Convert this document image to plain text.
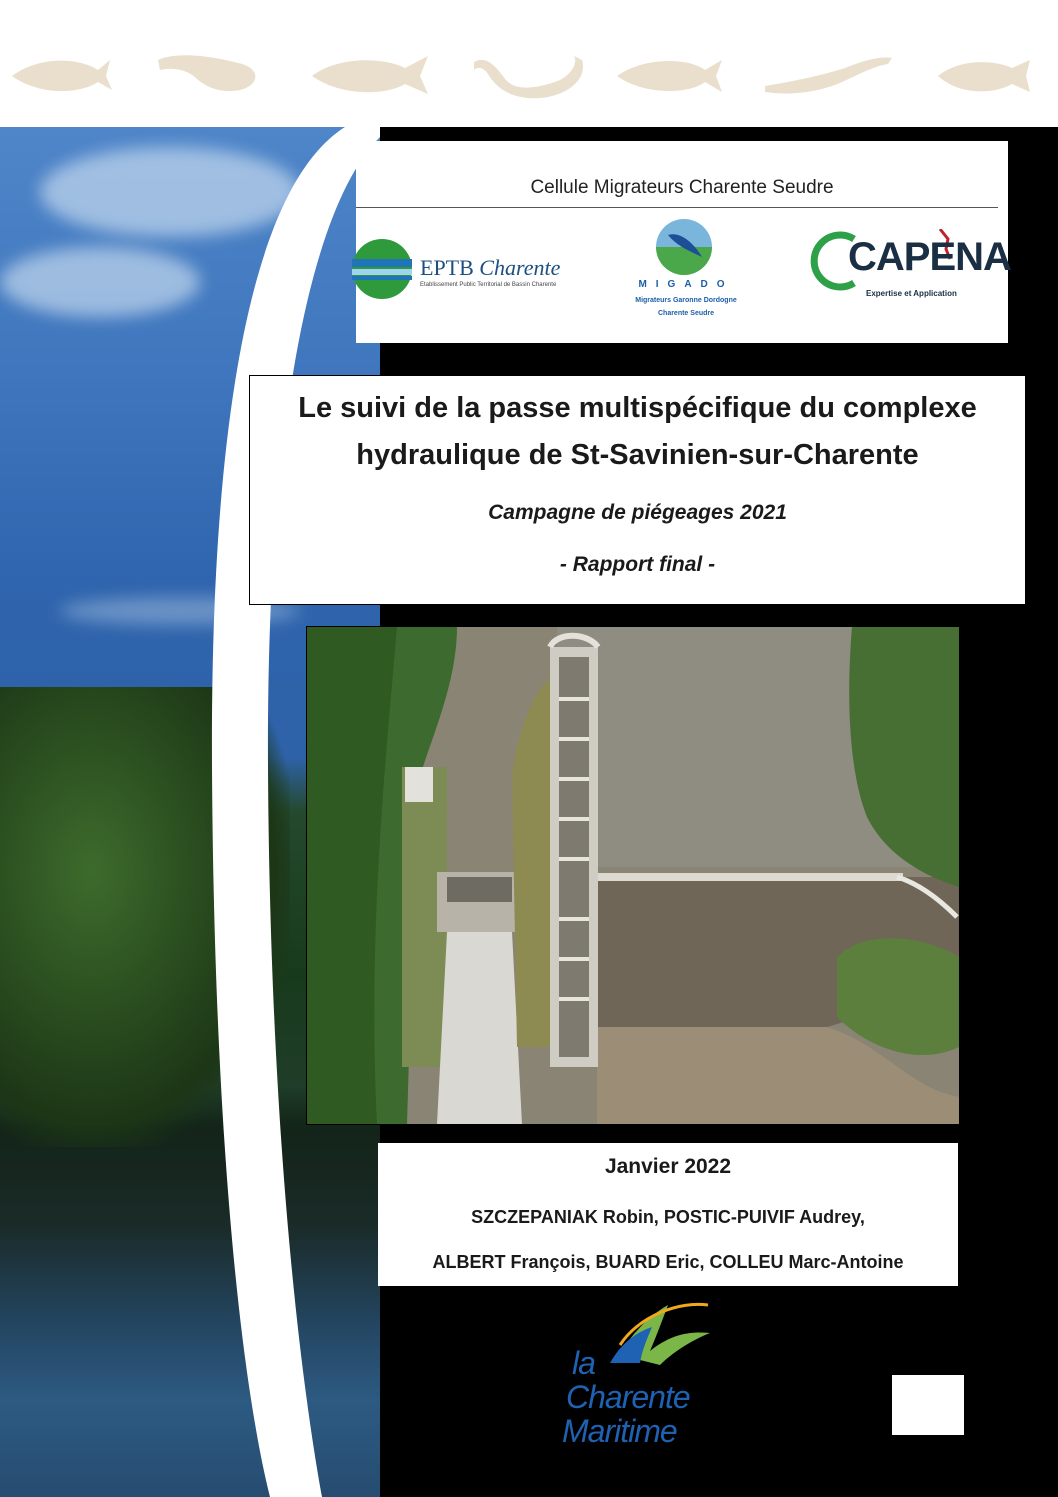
Cellule Migrateurs Charente Seudre
EPTB Charente
Etablissement Public Territorial de Bassin Charente	MIGADO
Migrateurs Garonne Dordogne
Charente Seudre
CAPENA
Expertise et Application
Le suivi de la passe multispécifique du complexe
hydraulique de St-Savinien-sur-Charente
Campagne de piégeages 2021
- Rapport final -
Janvier 2022
SZCZEPANIAK Robin, POSTIC-PUIVIF Audrey,
ALBERT François, BUARD Eric, COLLEU Marc-Antoine
la
Charente
Maritime
